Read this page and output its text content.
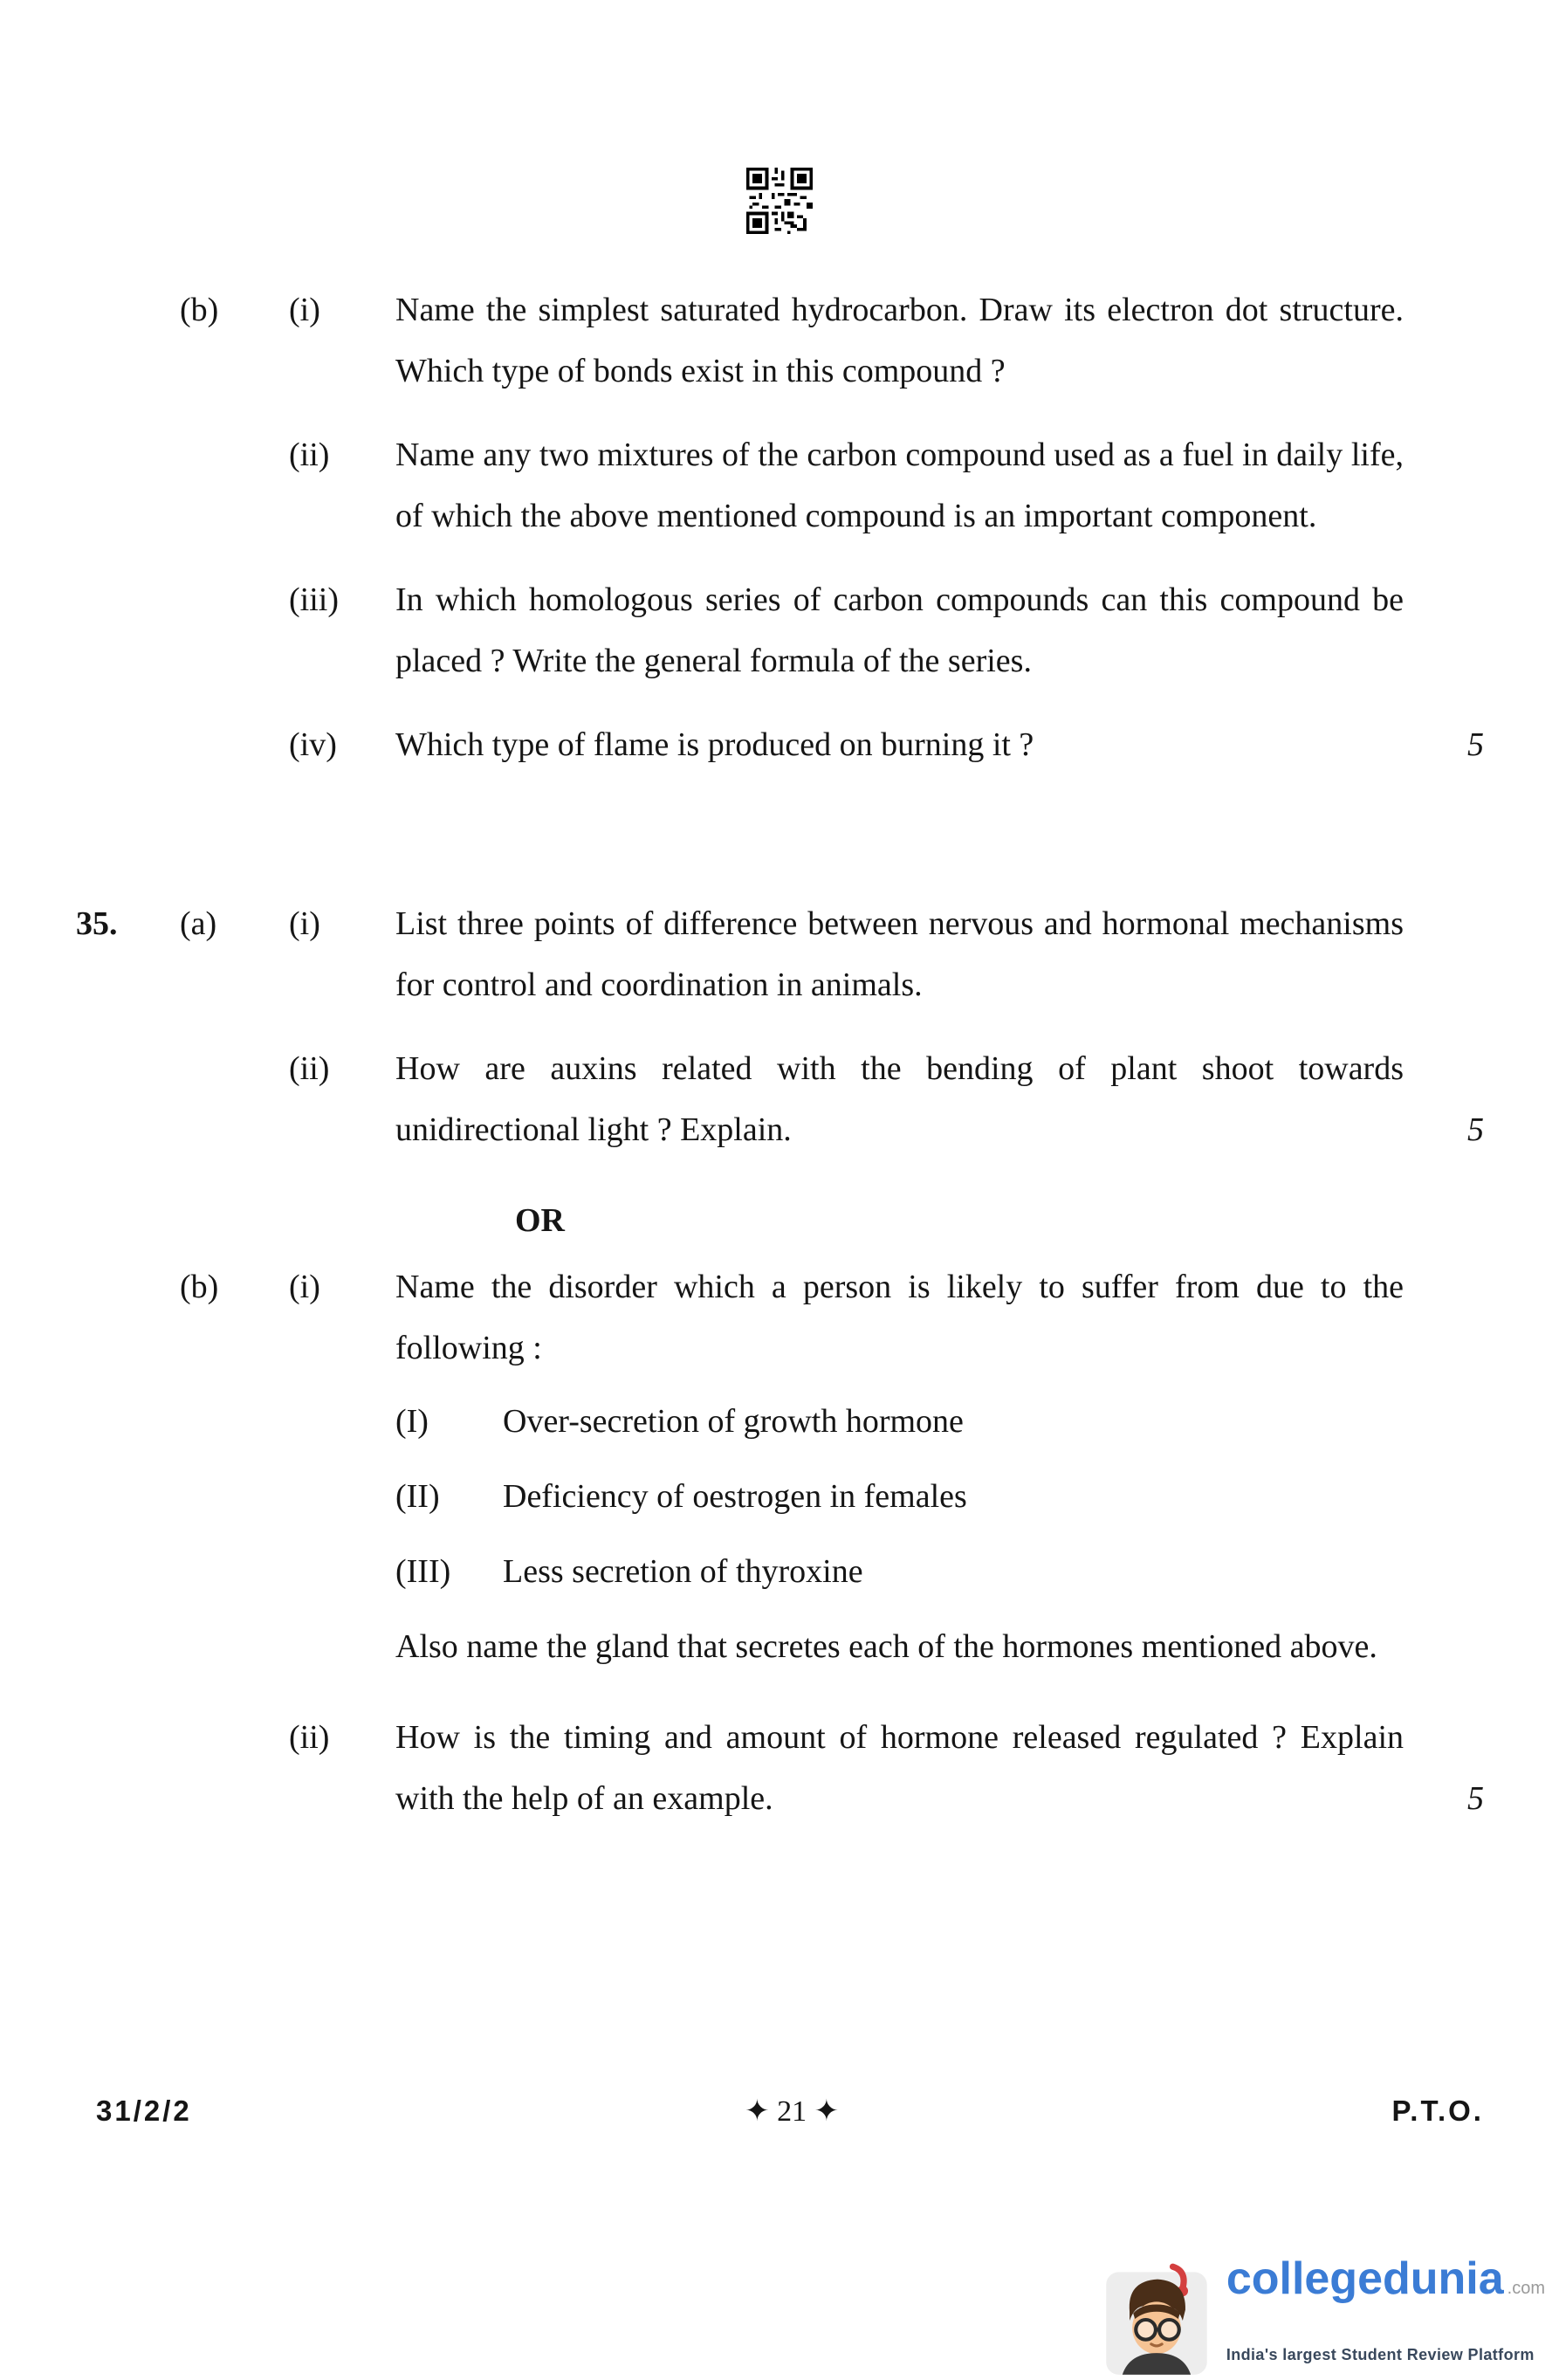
(b)	(i)	Name the simplest saturated hydrocarbon. Draw its electron dot structure. Which type of bonds exist in this compound ?
(ii)	Name any two mixtures of the carbon compound used as a fuel in daily life, of which the above mentioned compound is an important component.
(iii)	In which homologous series of carbon compounds can this compound be placed ? Write the general formula of the series.
(iv)	Which type of flame is produced on burning it ?	5
35.	(a)	(i)	List three points of difference between nervous and hormonal mechanisms for control and coordination in animals.
(ii)	How are auxins related with the bending of plant shoot towards unidirectional light ? Explain.	5
OR
(b)	(i)	Name the disorder which a person is likely to suffer from due to the following :
(I)	Over-secretion of growth hormone
(II)	Deficiency of oestrogen in females
(III)	Less secretion of thyroxine
Also name the gland that secretes each of the hormones mentioned above.
(ii)	How is the timing and amount of hormone released regulated ? Explain with the help of an example.	5
31/2/2	✦ 21 ✦	P.T.O.
collegedunia .com
India's largest Student Review Platform
